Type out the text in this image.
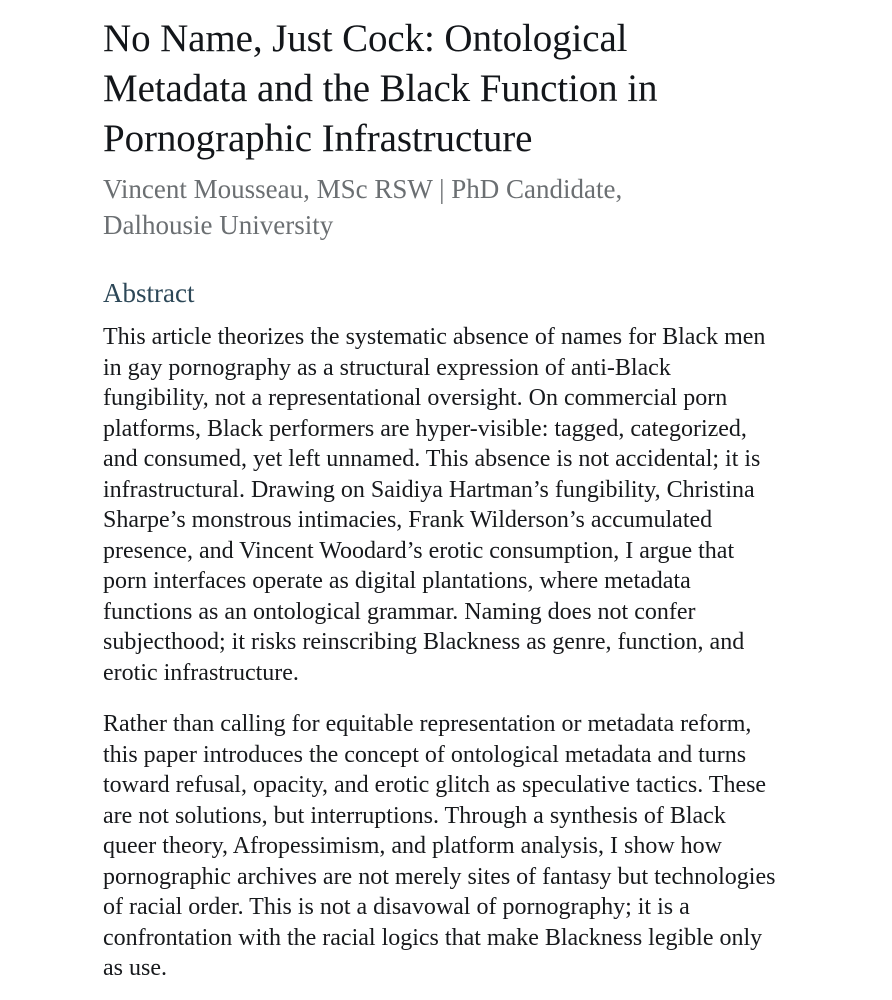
No Name, Just Cock: Ontological Metadata and the Black Function in Pornographic Infrastructure
Vincent Mousseau, MSc RSW | PhD Candidate, Dalhousie University
Abstract

This article theorizes the systematic absence of names for Black men in gay pornography as a structural expression of anti-Black fungibility, not a representational oversight. On commercial porn platforms, Black performers are hyper-visible: tagged, categorized, and consumed, yet left unnamed. This absence is not accidental; it is infrastructural. Drawing on Saidiya Hartman’s fungibility, Christina Sharpe’s monstrous intimacies, Frank Wilderson’s accumulated presence, and Vincent Woodard’s erotic consumption, I argue that porn interfaces operate as digital plantations, where metadata functions as an ontological grammar. Naming does not confer subjecthood; it risks reinscribing Blackness as genre, function, and erotic infrastructure.

Rather than calling for equitable representation or metadata reform, this paper introduces the concept of ontological metadata and turns toward refusal, opacity, and erotic glitch as speculative tactics. These are not solutions, but interruptions. Through a synthesis of Black queer theory, Afropessimism, and platform analysis, I show how pornographic archives are not merely sites of fantasy but technologies of racial order. This is not a disavowal of pornography; it is a confrontation with the racial logics that make Blackness legible only as use.
